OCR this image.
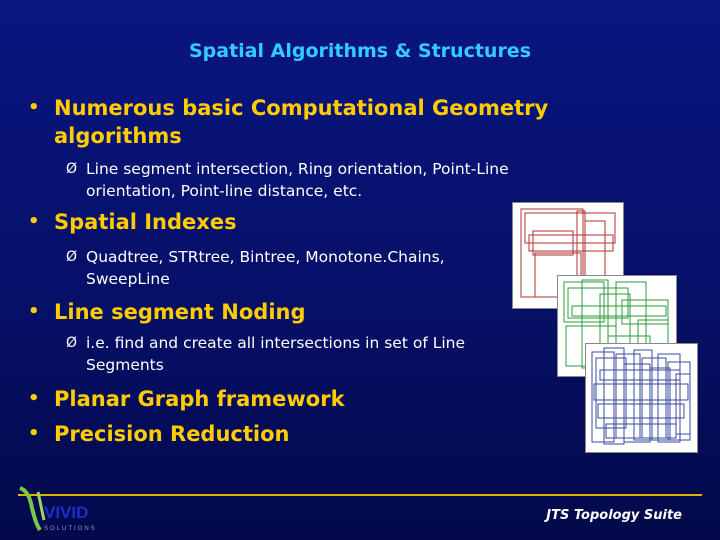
Spatial Algorithms & Structures
• Numerous basic Computational Geometry algorithms
Ø Line segment intersection, Ring orientation, Point-Line orientation, Point-line distance, etc.
• Spatial Indexes
Ø Quadtree, STRtree, Bintree, Monotone.Chains, SweepLine
• Line segment Noding
Ø i.e. find and create all intersections in set of Line Segments
• Planar Graph framework
• Precision Reduction
VIVID
SOLUTIONS
JTS Topology Suite
